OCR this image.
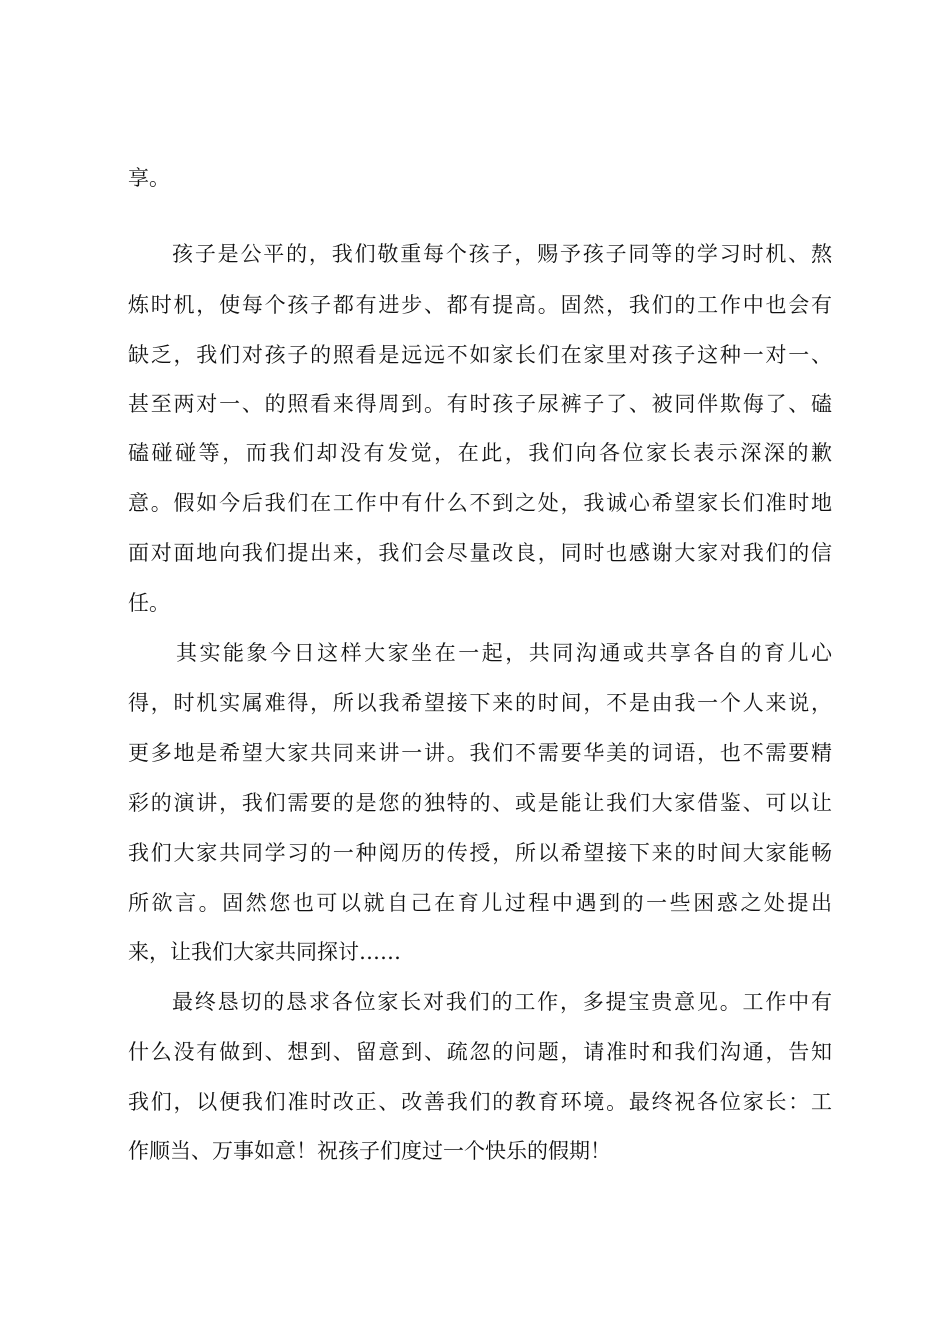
享。
孩子是公平的，我们敬重每个孩子，赐予孩子同等的学习时机、熬
炼时机，使每个孩子都有进步、都有提高。固然，我们的工作中也会有
缺乏，我们对孩子的照看是远远不如家长们在家里对孩子这种一对一、
甚至两对一、的照看来得周到。有时孩子尿裤子了、被同伴欺侮了、磕
磕碰碰等，而我们却没有发觉，在此，我们向各位家长表示深深的歉
意。假如今后我们在工作中有什么不到之处，我诚心希望家长们准时地
面对面地向我们提出来，我们会尽量改良，同时也感谢大家对我们的信
任。
其实能象今日这样大家坐在一起，共同沟通或共享各自的育儿心
得，时机实属难得，所以我希望接下来的时间，不是由我一个人来说，
更多地是希望大家共同来讲一讲。我们不需要华美的词语，也不需要精
彩的演讲，我们需要的是您的独特的、或是能让我们大家借鉴、可以让
我们大家共同学习的一种阅历的传授，所以希望接下来的时间大家能畅
所欲言。固然您也可以就自己在育儿过程中遇到的一些困惑之处提出
来，让我们大家共同探讨……
最终恳切的恳求各位家长对我们的工作，多提宝贵意见。工作中有
什么没有做到、想到、留意到、疏忽的问题，请准时和我们沟通，告知
我们，以便我们准时改正、改善我们的教育环境。最终祝各位家长：工
作顺当、万事如意！祝孩子们度过一个快乐的假期！
